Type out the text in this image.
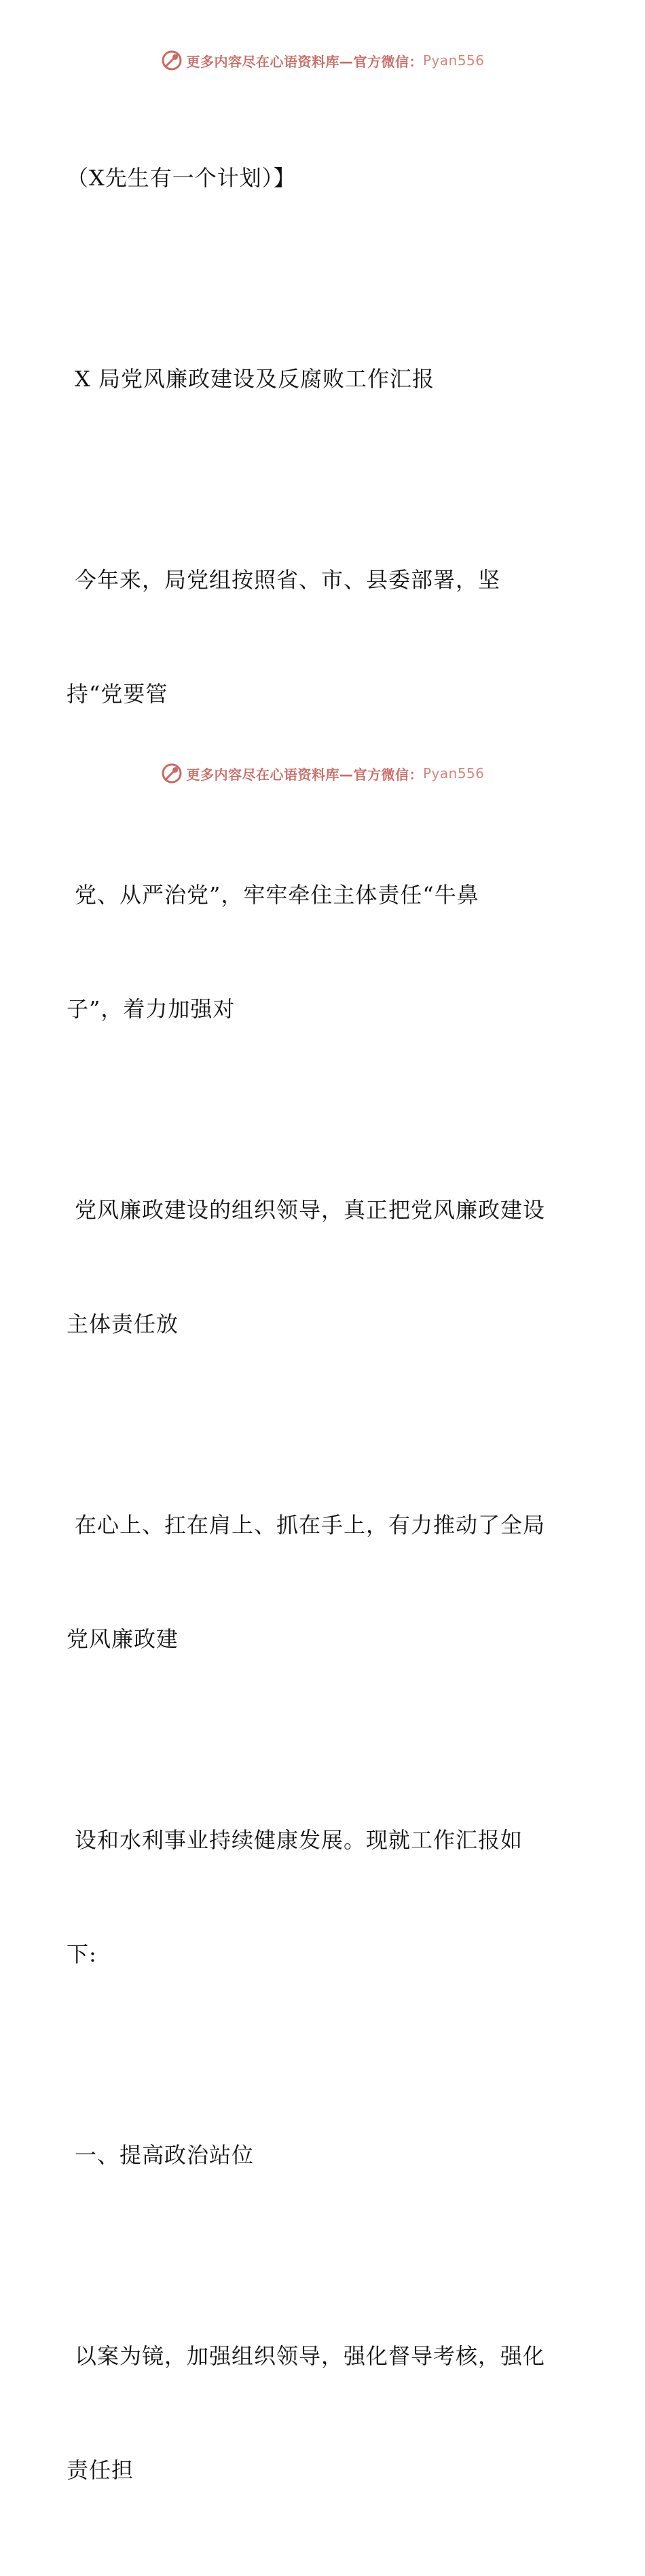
更多内容尽在心语资料库—官方微信： Pyan556

（X先生有一个计划）】

X 局党风廉政建设及反腐败工作汇报

今年来，局党组按照省、市、县委部署，坚

持“党要管

党、从严治党”，牢牢牵住主体责任“牛鼻

子”，着力加强对

党风廉政建设的组织领导，真正把党风廉政建设

主体责任放

在心上、扛在肩上、抓在手上，有力推动了全局

党风廉政建

设和水利事业持续健康发展。现就工作汇报如

下:

一、提高政治站位

以案为镜，加强组织领导，强化督导考核，强化

责任担

更多内容尽在心语资料库—官方微信： Pyan556
